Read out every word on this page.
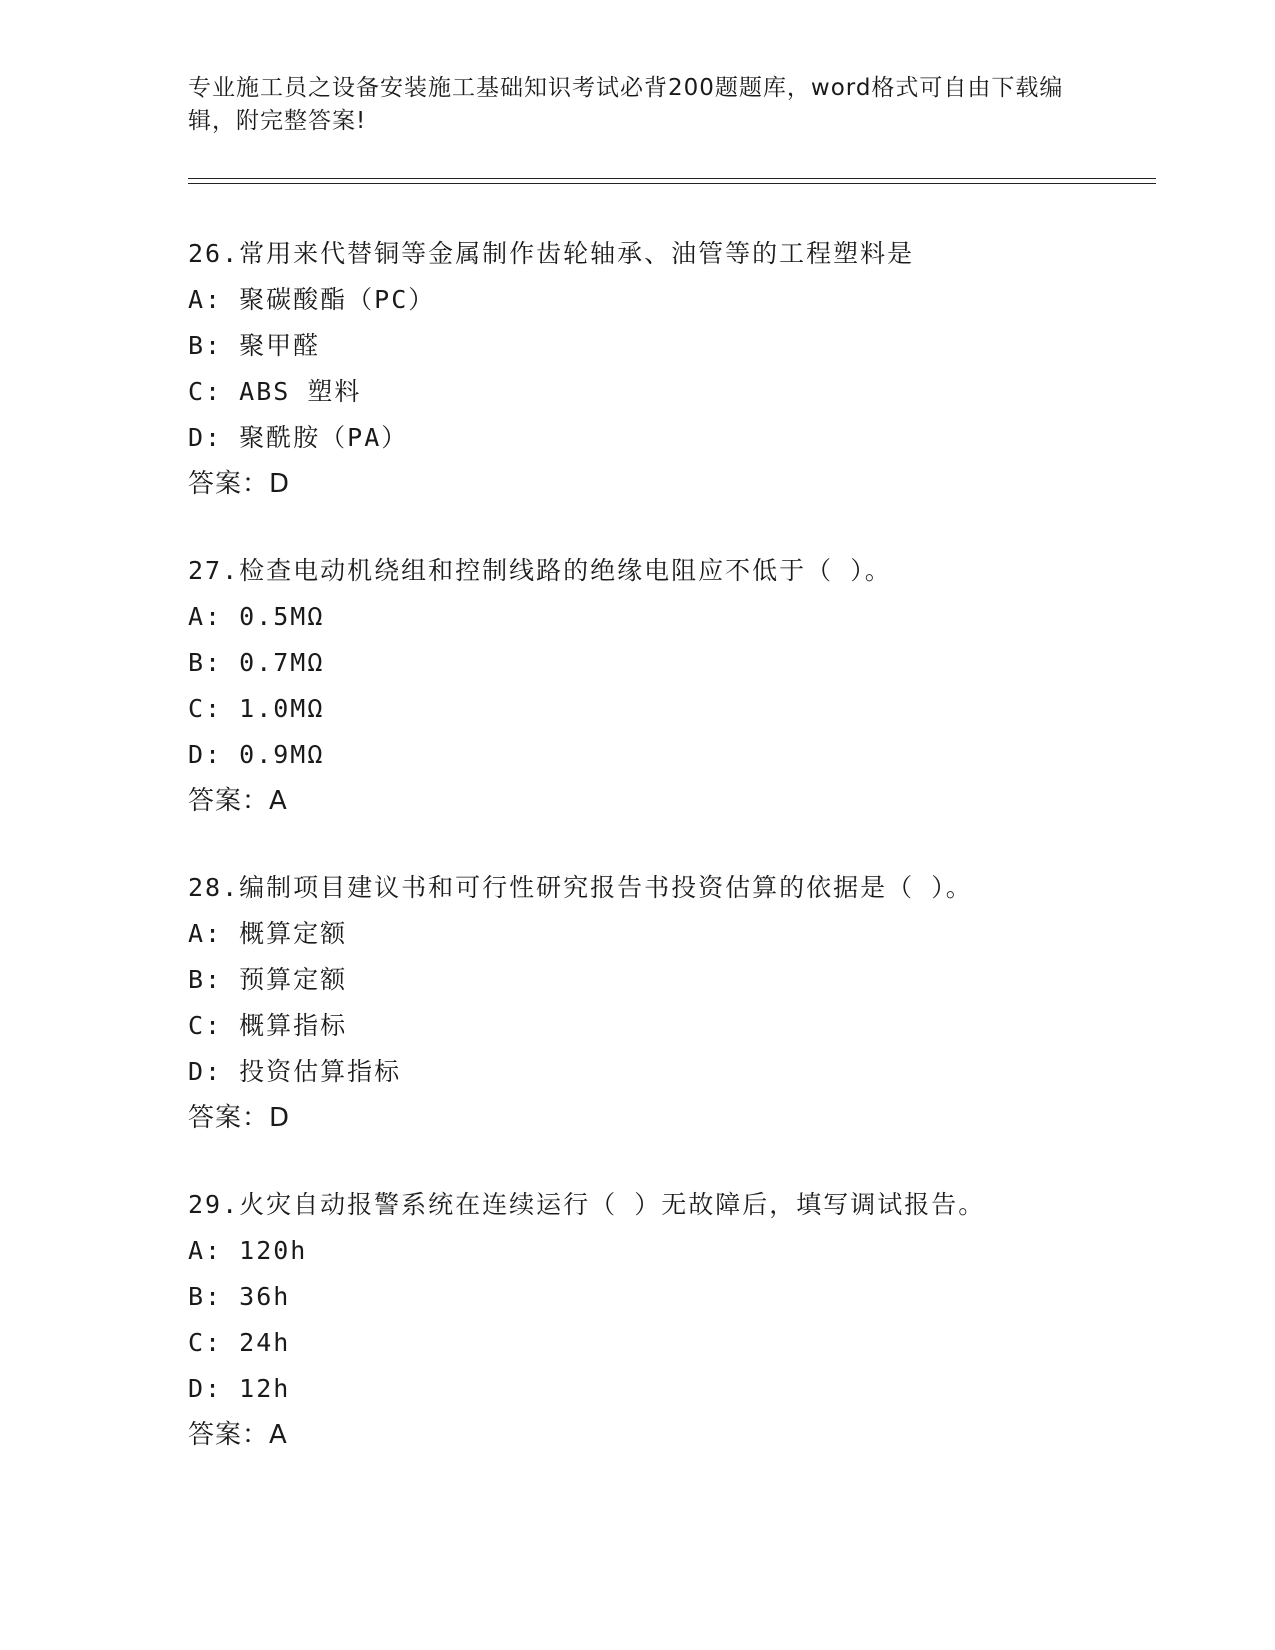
专业施工员之设备安装施工基础知识考试必背200题题库，word格式可自由下载编辑，附完整答案!
26.常用来代替铜等金属制作齿轮轴承、油管等的工程塑料是
A: 聚碳酸酯（PC）
B: 聚甲醛
C: ABS 塑料
D: 聚酰胺（PA）
答案：D
27.检查电动机绕组和控制线路的绝缘电阻应不低于（ ）。
A: 0.5MΩ
B: 0.7MΩ
C: 1.0MΩ
D: 0.9MΩ
答案：A
28.编制项目建议书和可行性研究报告书投资估算的依据是（ ）。
A: 概算定额
B: 预算定额
C: 概算指标
D: 投资估算指标
答案：D
29.火灾自动报警系统在连续运行（ ）无故障后，填写调试报告。
A: 120h
B: 36h
C: 24h
D: 12h
答案：A
